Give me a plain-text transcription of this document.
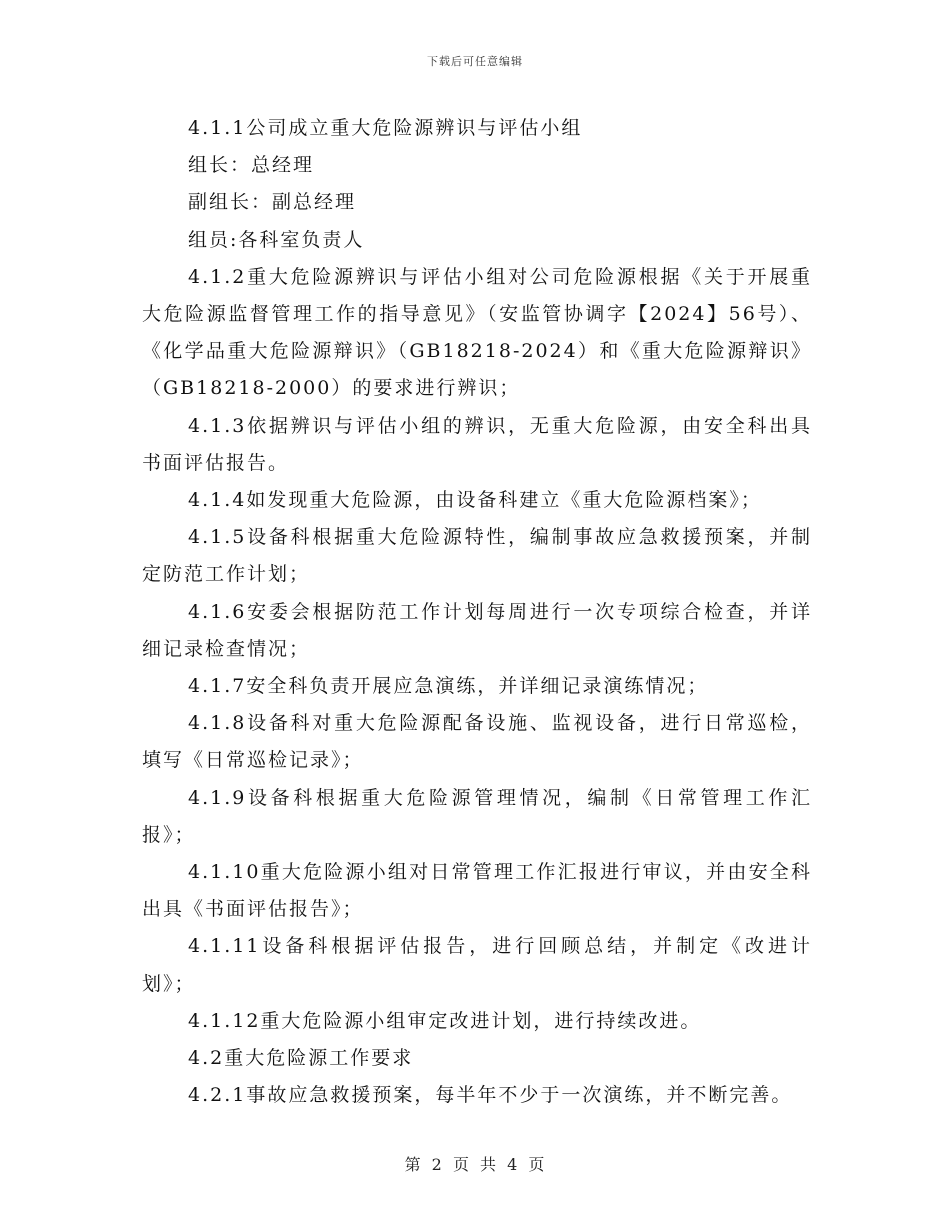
下载后可任意编辑

4.1.1公司成立重大危险源辨识与评估小组

组长：总经理

副组长：副总经理

组员:各科室负责人

4.1.2重大危险源辨识与评估小组对公司危险源根据《关于开展重大危险源监督管理工作的指导意见》（安监管协调字【2024】56号）、《化学品重大危险源辩识》（GB18218-2024）和《重大危险源辩识》（GB18218-2000）的要求进行辨识；

4.1.3依据辨识与评估小组的辨识，无重大危险源，由安全科出具书面评估报告。

4.1.4如发现重大危险源，由设备科建立《重大危险源档案》；

4.1.5设备科根据重大危险源特性，编制事故应急救援预案，并制定防范工作计划；

4.1.6安委会根据防范工作计划每周进行一次专项综合检查，并详细记录检查情况；

4.1.7安全科负责开展应急演练，并详细记录演练情况；

4.1.8设备科对重大危险源配备设施、监视设备，进行日常巡检，填写《日常巡检记录》；

4.1.9设备科根据重大危险源管理情况，编制《日常管理工作汇报》；

4.1.10重大危险源小组对日常管理工作汇报进行审议，并由安全科出具《书面评估报告》；

4.1.11设备科根据评估报告，进行回顾总结，并制定《改进计划》；

4.1.12重大危险源小组审定改进计划，进行持续改进。

4.2重大危险源工作要求

4.2.1事故应急救援预案，每半年不少于一次演练，并不断完善。

第 2 页 共 4 页
